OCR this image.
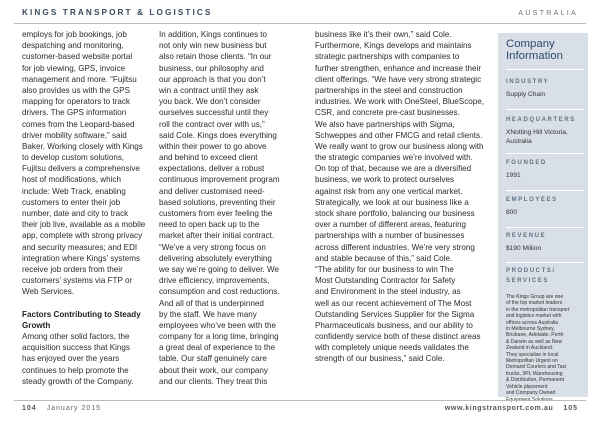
KINGS TRANSPORT & LOGISTICS	AUSTRALIA
employs for job bookings, job
despatching and monitoring,
customer-based website portal
for job viewing, GPS, invoice
management and more. “Fujitsu
also provides us with the GPS
mapping for operators to track
drivers. The GPS information
comes from the Leopard-based
driver mobility software,” said
Baker. Working closely with Kings
to develop custom solutions,
Fujitsu delivers a comprehensive
host of modifications, which
include: Web Track, enabling
customers to enter their job
number, date and city to track
their job live, available as a mobile
app, complete with strong privacy
and security measures; and EDI
integration where Kings’ systems
receive job orders from their
customers’ systems via FTP or
Web Services.
Factors Contributing to Steady
Growth
Among other solid factors, the
acquisition success that Kings
has enjoyed over the years
continues to help promote the
steady growth of the Company.
In addition, Kings continues to
not only win new business but
also retain those clients. “In our
business, our philosophy and
our approach is that you don’t
win a contract until they ask
you back. We don’t consider
ourselves successful until they
roll the contract over with us,”
said Cole. Kings does everything
within their power to go above
and behind to exceed client
expectations, deliver a robust
continuous improvement program
and deliver customised need-
based solutions, preventing their
customers from ever feeling the
need to open back up to the
market after their initial contract.
“We’ve a very strong focus on
delivering absolutely everything
we say we’re going to deliver. We
drive efficiency, improvements,
consumption and cost reductions.
And all of that is underpinned
by the staff. We have many
employees who’ve been with the
company for a long time, bringing
a great deal of experience to the
table. Our staff genuinely care
about their work, our company
and our clients. They treat this
business like it’s their own,” said Cole.
Furthermore, Kings develops and maintains
strategic partnerships with companies to
further strengthen, enhance and increase their
client offerings. “We have very strong strategic
partnerships in the steel and construction
industries. We work with OneSteel, BlueScope,
CSR, and concrete pre-cast businesses.
We also have partnerships with Sigma,
Schweppes and other FMCG and retail clients.
We really want to grow our business along with
the strategic companies we’re involved with.
On top of that, because we are a diversified
business, we work to protect ourselves
against risk from any one vertical market.
Strategically, we look at our business like a
stock share portfolio, balancing our business
over a number of different areas, featuring
partnerships with a number of businesses
across different industries. We’re very strong
and stable because of this,” said Cole.
“The ability for our business to win The
Most Outstanding Contractor for Safety
and Environment in the steel industry, as
well as our recent achievement of The Most
Outstanding Services Supplier for the Sigma
Pharmaceuticals business, and our ability to
confidently service both of these distinct areas
with completely unique needs validates the
strength of our business,” said Cole.
Company
Information
INDUSTRY
Supply Chain
HEADQUARTERS
XNotting Hill Victoria,
Australia
FOUNDED
1991
EMPLOYEES
800
REVENUE
$190 Million
PRODUCTS/
SERVICES
The Kings Group are one
of the top market leaders
in the metropolitan transport
and logistics market with
offices across Australia
in Melbourne Sydney,
Brisbane, Adelaide, Perth
& Darwin as well as New
Zealand in Auckland.
They specialise in local
Metropolitan Urgent on
Demand Couriers and Taxi
trucks, 3PL Warehousing
& Distribution, Permanent
Vehicle placement
and Company Owned
104 January 2015	www.kingstransport.com.au 105
